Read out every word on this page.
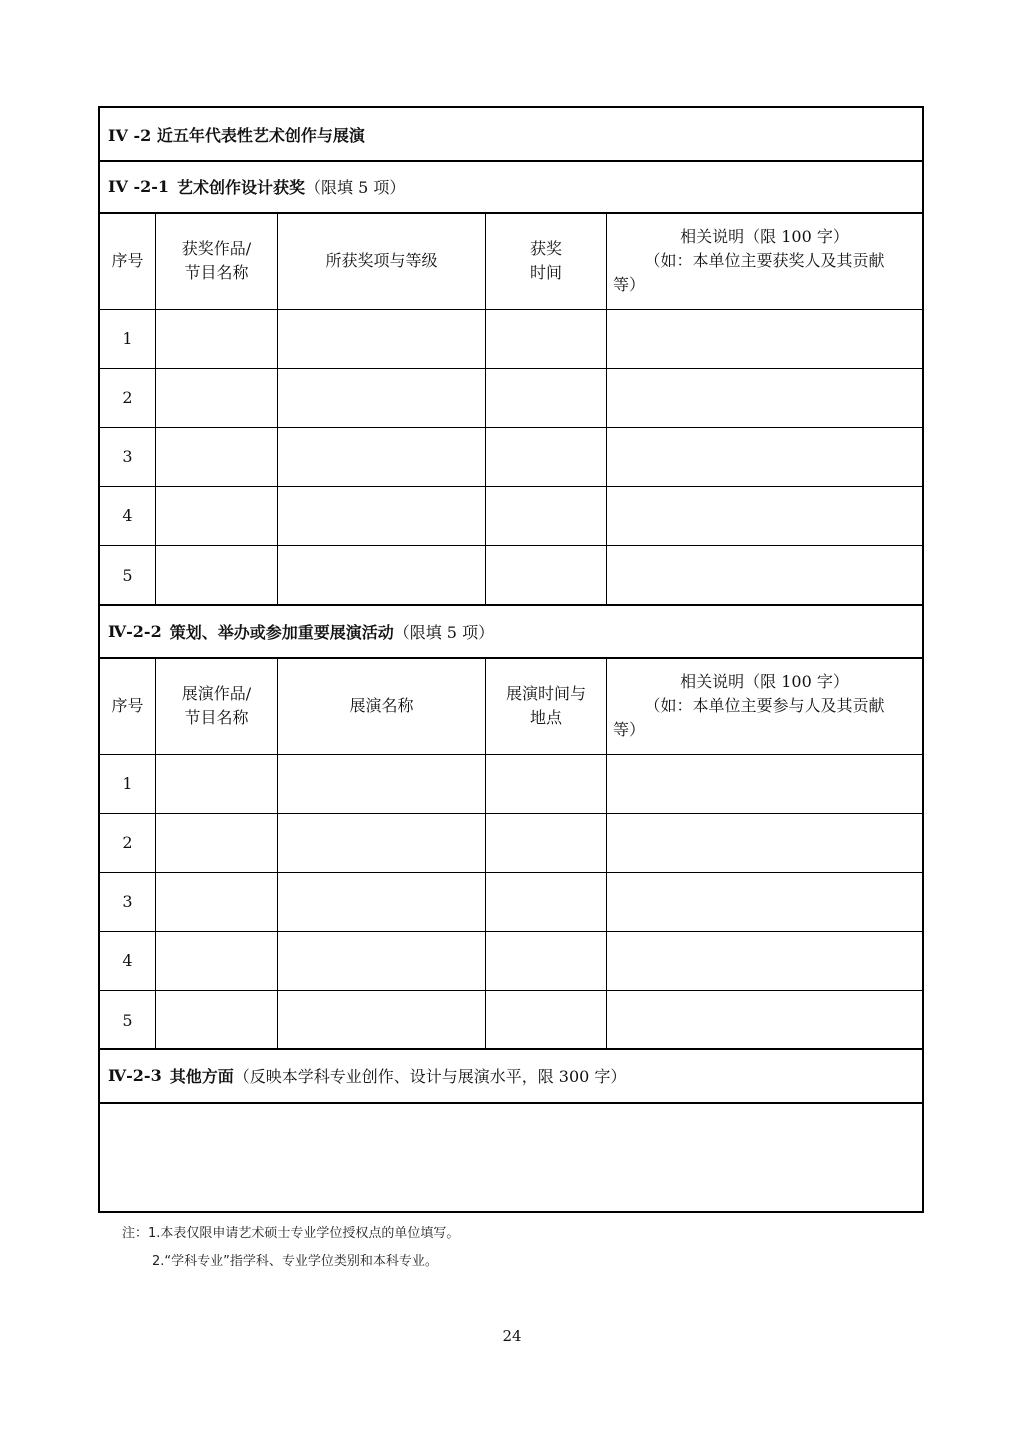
IV -2 近五年代表性艺术创作与展演
IV -2-1 艺术创作设计获奖 （限填 5 项）
序号
获奖作品/
节目名称
所获奖项与等级
获奖
时间
相关说明（限 100 字）
（如：本单位主要获奖人及其贡献
等）
1
2
3
4
5
Ⅳ-2-2 策划、举办或参加重要展演活动 （限填 5 项）
序号
展演作品/
节目名称
展演名称
展演时间与
地点
相关说明（限 100 字）
（如：本单位主要参与人及其贡献
等）
1
2
3
4
5
Ⅳ-2-3 其他方面 （反映本学科专业创作、设计与展演水平，限 300 字）
注：1.本表仅限申请艺术硕士专业学位授权点的单位填写。
2.“学科专业”指学科、专业学位类别和本科专业。
24
